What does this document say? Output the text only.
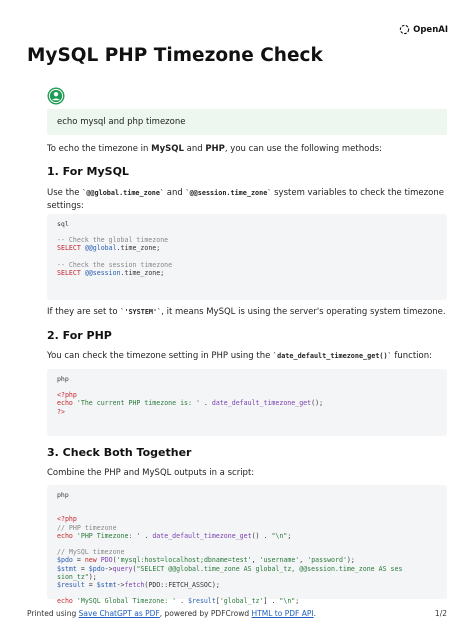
OpenAI
MySQL PHP Timezone Check
echo mysql and php timezone

To echo the timezone in MySQL and PHP, you can use the following methods:

1. For MySQL

Use the `@@global.time_zone` and `@@session.time_zone` system variables to check the timezone settings:

sql

-- Check the global timezone
SELECT @@global.time_zone;

-- Check the session timezone
SELECT @@session.time_zone;

If they are set to `'SYSTEM'`, it means MySQL is using the server's operating system timezone.

2. For PHP

You can check the timezone setting in PHP using the `date_default_timezone_get()` function:

php

<?php
echo 'The current PHP timezone is: ' . date_default_timezone_get();
?>
3. Check Both Together

Combine the PHP and MySQL outputs in a script:

php

<?php
// PHP timezone
echo 'PHP Timezone: ' . date_default_timezone_get() . "\n";

// MySQL timezone
$pdo = new PDO('mysql:host=localhost;dbname=test', 'username', 'password');
$stmt = $pdo->query("SELECT @@global.time_zone AS global_tz, @@session.time_zone AS ses
sion_tz");
$result = $stmt->fetch(PDO::FETCH_ASSOC);

echo 'MySQL Global Timezone: ' . $result['global_tz'] . "\n";
Printed using Save ChatGPT as PDF, powered by PDFCrowd HTML to PDF API.	1/2
